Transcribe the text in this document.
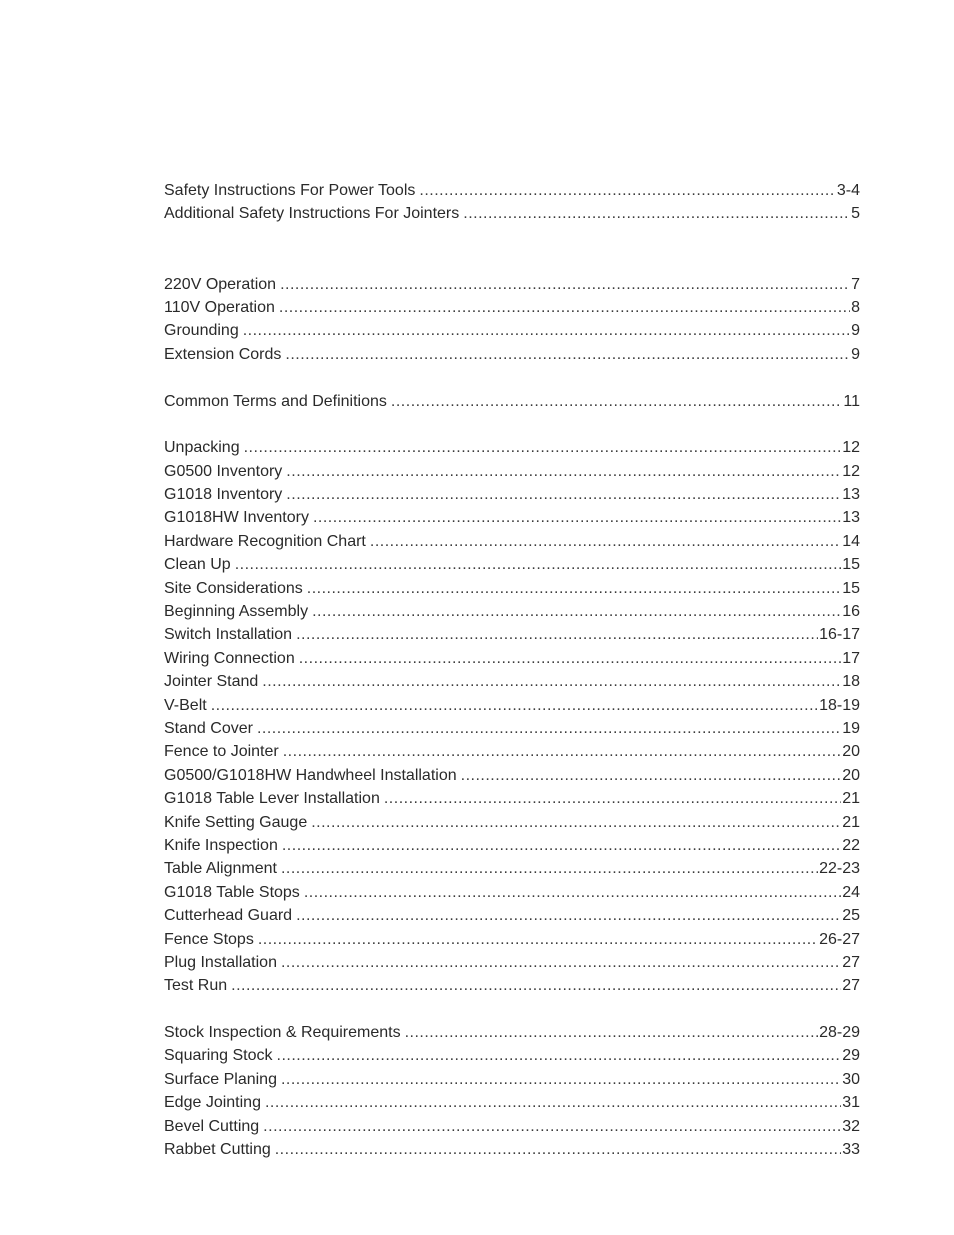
Safety Instructions For Power Tools .....	3-4
Additional Safety Instructions For Jointers .....	5
220V Operation .....	7
110V Operation .....	8
Grounding .....	9
Extension Cords .....	9
Common Terms and Definitions .....	11
Unpacking .....	12
G0500 Inventory .....	12
G1018 Inventory .....	13
G1018HW Inventory .....	13
Hardware Recognition Chart .....	14
Clean Up .....	15
Site Considerations .....	15
Beginning Assembly .....	16
Switch Installation .....	16-17
Wiring Connection .....	17
Jointer Stand .....	18
V-Belt .....	18-19
Stand Cover .....	19
Fence to Jointer .....	20
G0500/G1018HW Handwheel Installation .....	20
G1018 Table Lever Installation .....	21
Knife Setting Gauge .....	21
Knife Inspection .....	22
Table Alignment .....	22-23
G1018 Table Stops .....	24
Cutterhead Guard .....	25
Fence Stops .....	26-27
Plug Installation .....	27
Test Run .....	27
Stock Inspection & Requirements .....	28-29
Squaring Stock .....	29
Surface Planing .....	30
Edge Jointing .....	31
Bevel Cutting .....	32
Rabbet Cutting .....	33
